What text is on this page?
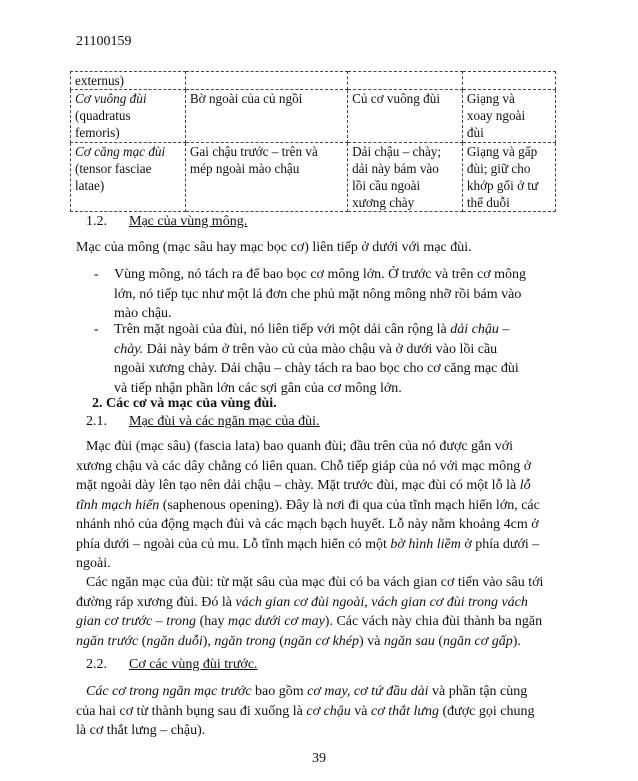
21100159
externus)			

Cơ vuông đùi
(quadratus
femoris)	Bờ ngoài của củ ngồi	Củ cơ vuông đùi	Giạng và
xoay ngoài
đùi

Cơ căng mạc đùi
(tensor fasciae
latae)	Gai chậu trước – trên và
mép ngoài mào chậu	Dải chậu – chày;
dải này bám vào
lồi cầu ngoài
xương chày	Giạng và gấp
đùi; giữ cho
khớp gối ở tư
thế duỗi
1.2. Mạc của vùng mông.
Mạc của mông (mạc sâu hay mạc bọc cơ) liên tiếp ở dưới với mạc đùi.
- Vùng mông, nó tách ra để bao bọc cơ mông lớn. Ở trước và trên cơ mông
lớn, nó tiếp tục như một lá đơn che phủ mặt nông mông nhỡ rồi bám vào
mào chậu.
- Trên mặt ngoài của đùi, nó liên tiếp với một dải cân rộng là dải chậu –
chày. Dải này bám ở trên vào củ của mào chậu và ở dưới vào lồi cầu
ngoài xương chày. Dải chậu – chày tách ra bao bọc cho cơ căng mạc đùi
và tiếp nhận phần lớn các sợi gân của cơ mông lớn.
2. Các cơ và mạc của vùng đùi.
2.1. Mạc đùi và các ngăn mạc của đùi.
Mạc đùi (mạc sâu) (fascia lata) bao quanh đùi; đầu trên của nó được gắn với
xương chậu và các dây chằng có liên quan. Chỗ tiếp giáp của nó với mạc mông ở
mặt ngoài dày lên tạo nên dải chậu – chày. Mặt trước đùi, mạc đùi có một lỗ là lỗ
tĩnh mạch hiển (saphenous opening). Đây là nơi đi qua của tĩnh mạch hiển lớn, các
nhánh nhỏ của động mạch đùi và các mạch bạch huyết. Lỗ này nằm khoảng 4cm ở
phía dưới – ngoài của củ mu. Lỗ tĩnh mạch hiển có một bờ hình liềm ở phía dưới –
ngoài.
Các ngăn mạc của đùi: từ mặt sâu của mạc đùi có ba vách gian cơ tiến vào sâu tới
đường ráp xương đùi. Đó là vách gian cơ đùi ngoài, vách gian cơ đùi trong vách
gian cơ trước – trong (hay mạc dưới cơ may). Các vách này chia đùi thành ba ngăn
ngăn trước (ngăn duỗi), ngăn trong (ngăn cơ khép) và ngăn sau (ngăn cơ gấp).
2.2. Cơ các vùng đùi trước.
Các cơ trong ngăn mạc trước bao gồm cơ may, cơ tứ đầu dài và phần tận cùng
của hai cơ từ thành bụng sau đi xuống là cơ chậu và cơ thắt lưng (được gọi chung
là cơ thắt lưng – chậu).
39
